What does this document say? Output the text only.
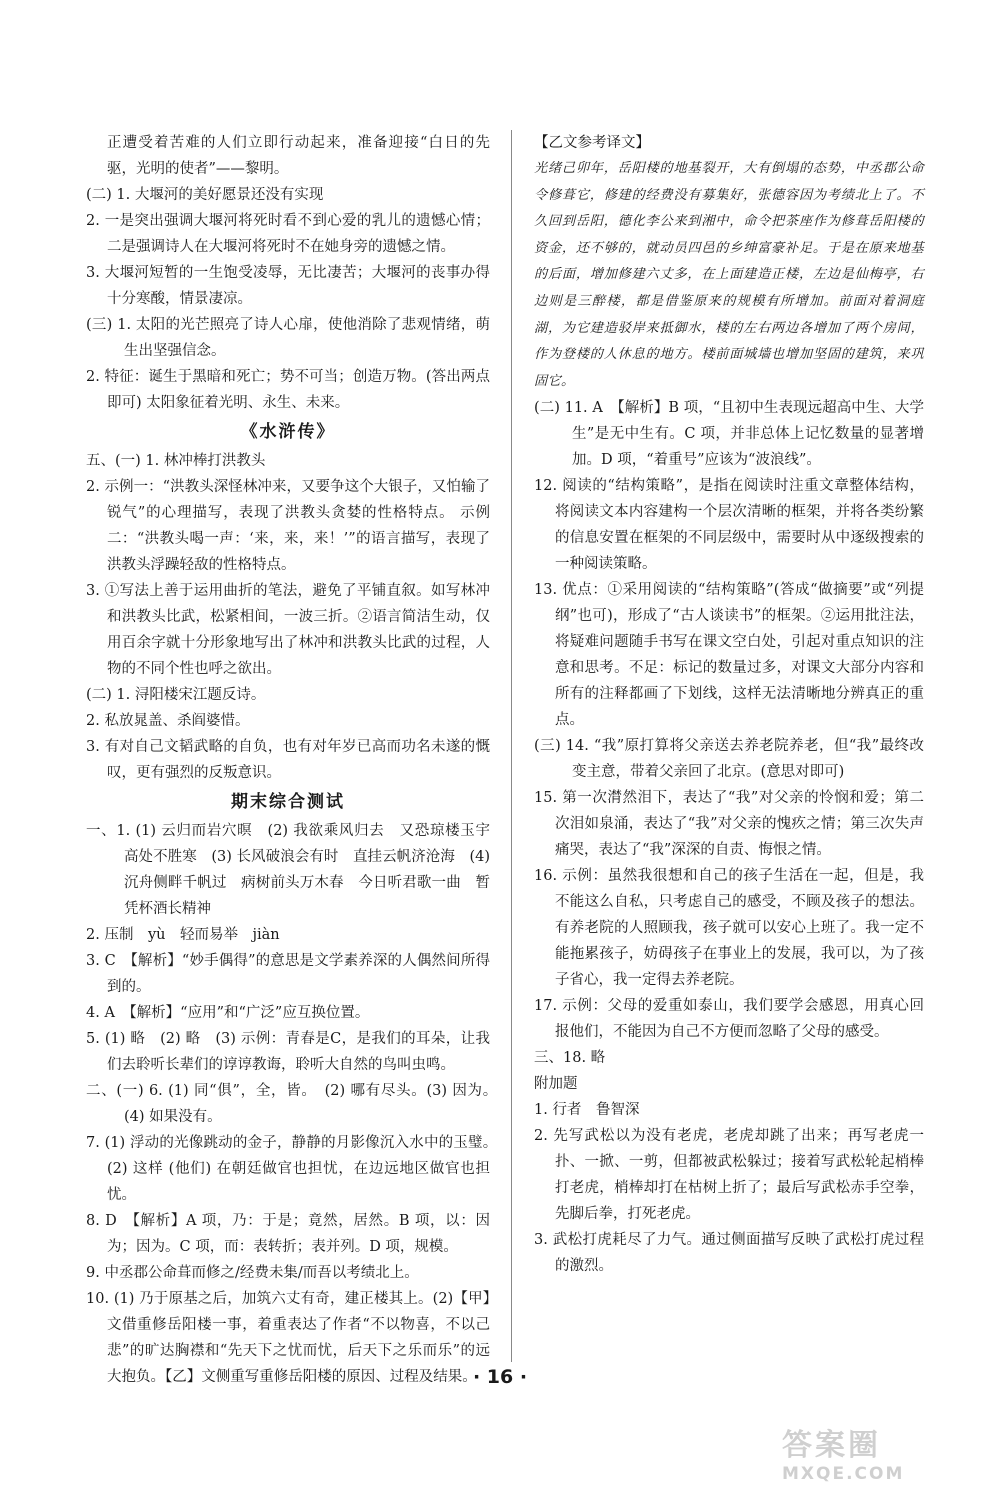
正遭受着苦难的人们立即行动起来，准备迎接“白日的先驱，光明的使者”——黎明。

(二) 1. 大堰河的美好愿景还没有实现

2. 一是突出强调大堰河将死时看不到心爱的乳儿的遗憾心情；二是强调诗人在大堰河将死时不在她身旁的遗憾之情。

3. 大堰河短暂的一生饱受凌辱，无比凄苦；大堰河的丧事办得十分寒酸，情景凄凉。

(三) 1. 太阳的光芒照亮了诗人心扉，使他消除了悲观情绪，萌生出坚强信念。

2. 特征：诞生于黑暗和死亡；势不可当；创造万物。(答出两点即可) 太阳象征着光明、永生、未来。

《水浒传》

五、(一) 1. 林冲棒打洪教头

2. 示例一：“洪教头深怪林冲来，又要争这个大银子，又怕输了锐气”的心理描写，表现了洪教头贪婪的性格特点。 示例二：“洪教头喝一声：‘来，来，来！’”的语言描写，表现了洪教头浮躁轻敌的性格特点。

3. ①写法上善于运用曲折的笔法，避免了平铺直叙。如写林冲和洪教头比武，松紧相间，一波三折。②语言简洁生动，仅用百余字就十分形象地写出了林冲和洪教头比武的过程，人物的不同个性也呼之欲出。

(二) 1. 浔阳楼宋江题反诗。

2. 私放晁盖、杀阎婆惜。

3. 有对自己文韬武略的自负，也有对年岁已高而功名未遂的慨叹，更有强烈的反叛意识。

期末综合测试

一、1. (1) 云归而岩穴暝　(2) 我欲乘风归去　又恐琼楼玉宇　高处不胜寒　(3) 长风破浪会有时　直挂云帆济沧海　(4) 沉舟侧畔千帆过　病树前头万木春　今日听君歌一曲　暂凭杯酒长精神

2. 压制　yù　轻而易举　jiàn

3. C　【解析】“妙手偶得”的意思是文学素养深的人偶然间所得到的。

4. A　【解析】“应用”和“广泛”应互换位置。

5. (1) 略　(2) 略　(3) 示例：青春是C，是我们的耳朵，让我们去聆听长辈们的谆谆教诲，聆听大自然的鸟叫虫鸣。

二、(一) 6. (1) 同“俱”，全，皆。　(2) 哪有尽头。(3) 因为。　(4) 如果没有。

7. (1) 浮动的光像跳动的金子，静静的月影像沉入水中的玉璧。　(2) 这样 (他们) 在朝廷做官也担忧，在边远地区做官也担忧。

8. D　【解析】A 项，乃：于是；竟然，居然。B 项，以：因为；因为。C 项，而：表转折；表并列。D 项，规模。

9. 中丞郡公命葺而修之/经费未集/而吾以考绩北上。

10. (1) 乃于原基之后，加筑六丈有奇，建正楼其上。(2)【甲】文借重修岳阳楼一事，着重表达了作者“不以物喜，不以己悲”的旷达胸襟和“先天下之忧而忧，后天下之乐而乐”的远大抱负。【乙】文侧重写重修岳阳楼的原因、过程及结果。

【乙文参考译文】

光绪己卯年，岳阳楼的地基裂开，大有倒塌的态势，中丞郡公命令修葺它，修建的经费没有募集好，张德容因为考绩北上了。不久回到岳阳，德化李公来到湘中，命令把茶座作为修葺岳阳楼的资金，还不够的，就动员四邑的乡绅富豪补足。于是在原来地基的后面，增加修建六丈多，在上面建造正楼，左边是仙梅亭，右边则是三醉楼，都是借鉴原来的规模有所增加。前面对着洞庭湖，为它建造驳岸来抵御水，楼的左右两边各增加了两个房间，作为登楼的人休息的地方。楼前面城墙也增加坚固的建筑，来巩固它。

(二) 11. A　【解析】B 项，“且初中生表现远超高中生、大学生”是无中生有。C 项，并非总体上记忆数量的显著增加。D 项，“着重号”应该为“波浪线”。

12. 阅读的“结构策略”，是指在阅读时注重文章整体结构，将阅读文本内容建构一个层次清晰的框架，并将各类纷繁的信息安置在框架的不同层级中，需要时从中逐级搜索的一种阅读策略。

13. 优点：①采用阅读的“结构策略”(答成“做摘要”或“列提纲”也可)，形成了“古人谈读书”的框架。②运用批注法，将疑难问题随手书写在课文空白处，引起对重点知识的注意和思考。不足：标记的数量过多，对课文大部分内容和所有的注释都画了下划线，这样无法清晰地分辨真正的重点。

(三) 14. “我”原打算将父亲送去养老院养老，但“我”最终改变主意，带着父亲回了北京。(意思对即可)

15. 第一次潸然泪下，表达了“我”对父亲的怜悯和爱；第二次泪如泉涌，表达了“我”对父亲的愧疚之情；第三次失声痛哭，表达了“我”深深的自责、悔恨之情。

16. 示例：虽然我很想和自己的孩子生活在一起，但是，我不能这么自私，只考虑自己的感受，不顾及孩子的想法。有养老院的人照顾我，孩子就可以安心上班了。我一定不能拖累孩子，妨碍孩子在事业上的发展，我可以，为了孩子省心，我一定得去养老院。

17. 示例：父母的爱重如泰山，我们要学会感恩，用真心回报他们，不能因为自己不方便而忽略了父母的感受。

三、18. 略

附加题

1. 行者　鲁智深

2. 先写武松以为没有老虎，老虎却跳了出来；再写老虎一扑、一掀、一剪，但都被武松躲过；接着写武松轮起梢棒打老虎，梢棒却打在枯树上折了；最后写武松赤手空拳，先脚后拳，打死老虎。

3. 武松打虎耗尽了力气。通过侧面描写反映了武松打虎过程的激烈。

· 16 ·
答案圈
MXQE.COM
